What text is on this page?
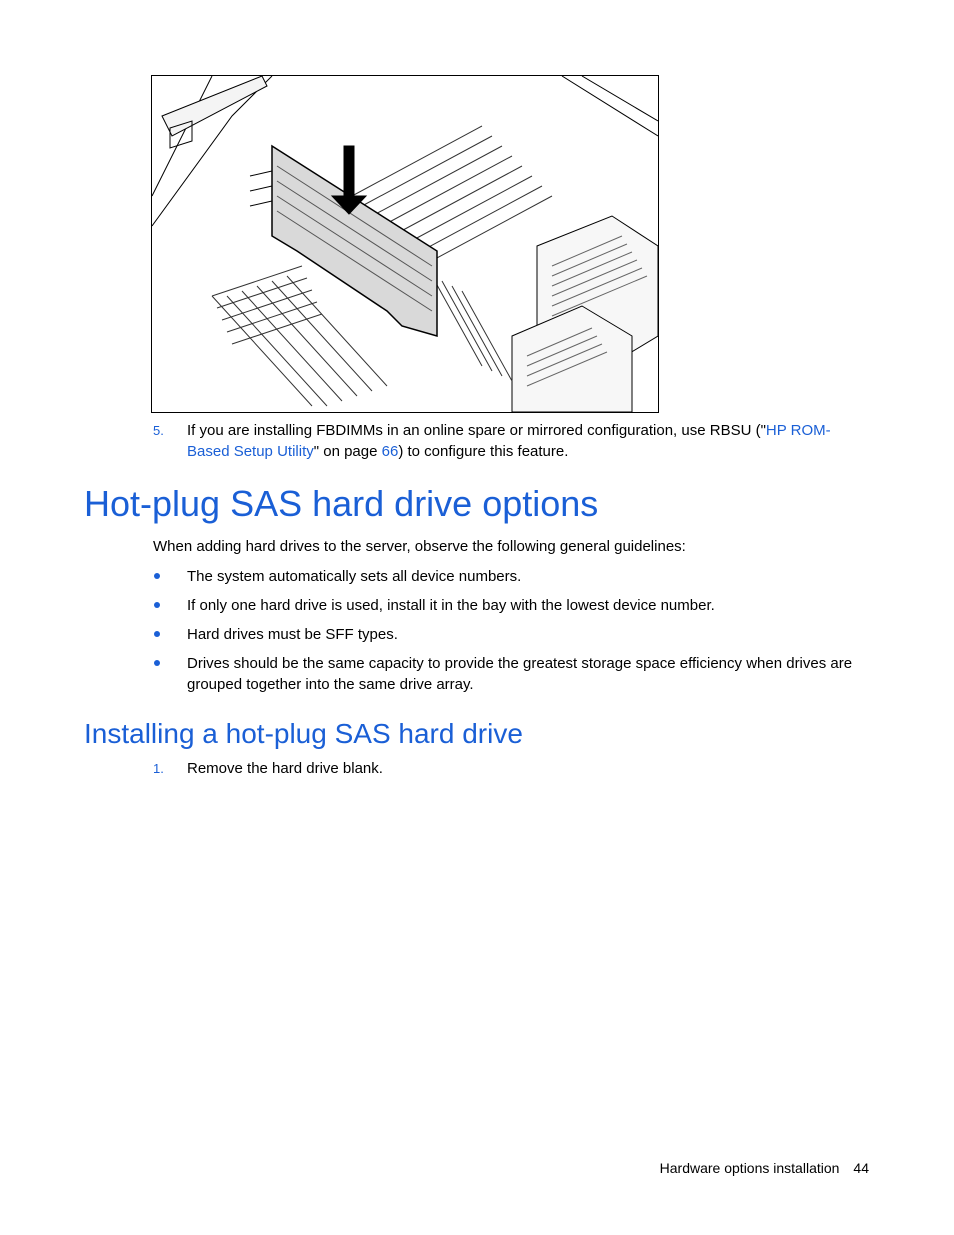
5. If you are installing FBDIMMs in an online spare or mirrored configuration, use RBSU ("HP ROM-Based Setup Utility" on page 66) to configure this feature.
Hot-plug SAS hard drive options
When adding hard drives to the server, observe the following general guidelines:
The system automatically sets all device numbers.
If only one hard drive is used, install it in the bay with the lowest device number.
Hard drives must be SFF types.
Drives should be the same capacity to provide the greatest storage space efficiency when drives are grouped together into the same drive array.
Installing a hot-plug SAS hard drive
1. Remove the hard drive blank.
Hardware options installation 44
